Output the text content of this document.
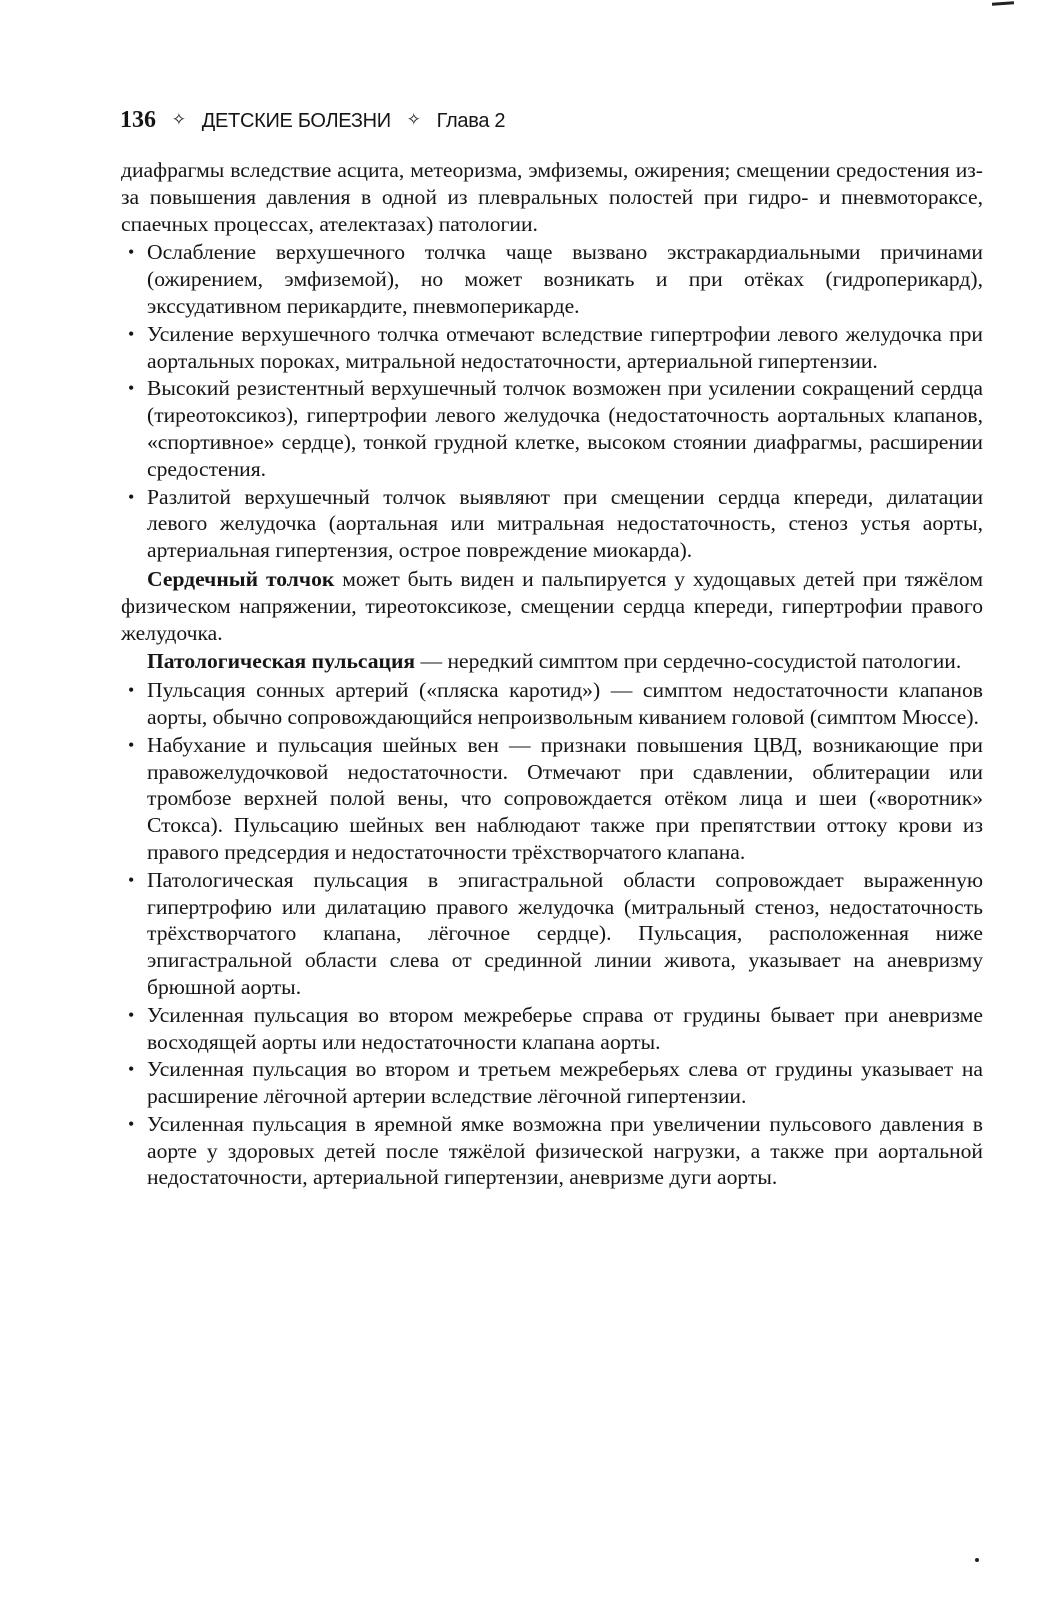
136 ✧ ДЕТСКИЕ БОЛЕЗНИ ✧ Глава 2

диафрагмы вследствие асцита, метеоризма, эмфиземы, ожирения; смещении средостения из-за повышения давления в одной из плевральных полостей при гидро- и пневмотораксе, спаечных процессах, ателектазах) патологии.

• Ослабление верхушечного толчка чаще вызвано экстракардиальными причинами (ожирением, эмфиземой), но может возникать и при отёках (гидроперикард), экссудативном перикардите, пневмоперикарде.
• Усиление верхушечного толчка отмечают вследствие гипертрофии левого желудочка при аортальных пороках, митральной недостаточности, артериальной гипертензии.
• Высокий резистентный верхушечный толчок возможен при усилении сокращений сердца (тиреотоксикоз), гипертрофии левого желудочка (недостаточность аортальных клапанов, «спортивное» сердце), тонкой грудной клетке, высоком стоянии диафрагмы, расширении средостения.
• Разлитой верхушечный толчок выявляют при смещении сердца кпереди, дилатации левого желудочка (аортальная или митральная недостаточность, стеноз устья аорты, артериальная гипертензия, острое повреждение миокарда).

Сердечный толчок может быть виден и пальпируется у худощавых детей при тяжёлом физическом напряжении, тиреотоксикозе, смещении сердца кпереди, гипертрофии правого желудочка.

Патологическая пульсация — нередкий симптом при сердечно-сосудистой патологии.

• Пульсация сонных артерий («пляска каротид») — симптом недостаточности клапанов аорты, обычно сопровождающийся непроизвольным киванием головой (симптом Мюссе).
• Набухание и пульсация шейных вен — признаки повышения ЦВД, возникающие при правожелудочковой недостаточности. Отмечают при сдавлении, облитерации или тромбозе верхней полой вены, что сопровождается отёком лица и шеи («воротник» Стокса). Пульсацию шейных вен наблюдают также при препятствии оттоку крови из правого предсердия и недостаточности трёхстворчатого клапана.
• Патологическая пульсация в эпигастральной области сопровождает выраженную гипертрофию или дилатацию правого желудочка (митральный стеноз, недостаточность трёхстворчатого клапана, лёгочное сердце). Пульсация, расположенная ниже эпигастральной области слева от срединной линии живота, указывает на аневризму брюшной аорты.
• Усиленная пульсация во втором межреберье справа от грудины бывает при аневризме восходящей аорты или недостаточности клапана аорты.
• Усиленная пульсация во втором и третьем межреберьях слева от грудины указывает на расширение лёгочной артерии вследствие лёгочной гипертензии.
• Усиленная пульсация в яремной ямке возможна при увеличении пульсового давления в аорте у здоровых детей после тяжёлой физической нагрузки, а также при аортальной недостаточности, артериальной гипертензии, аневризме дуги аорты.
